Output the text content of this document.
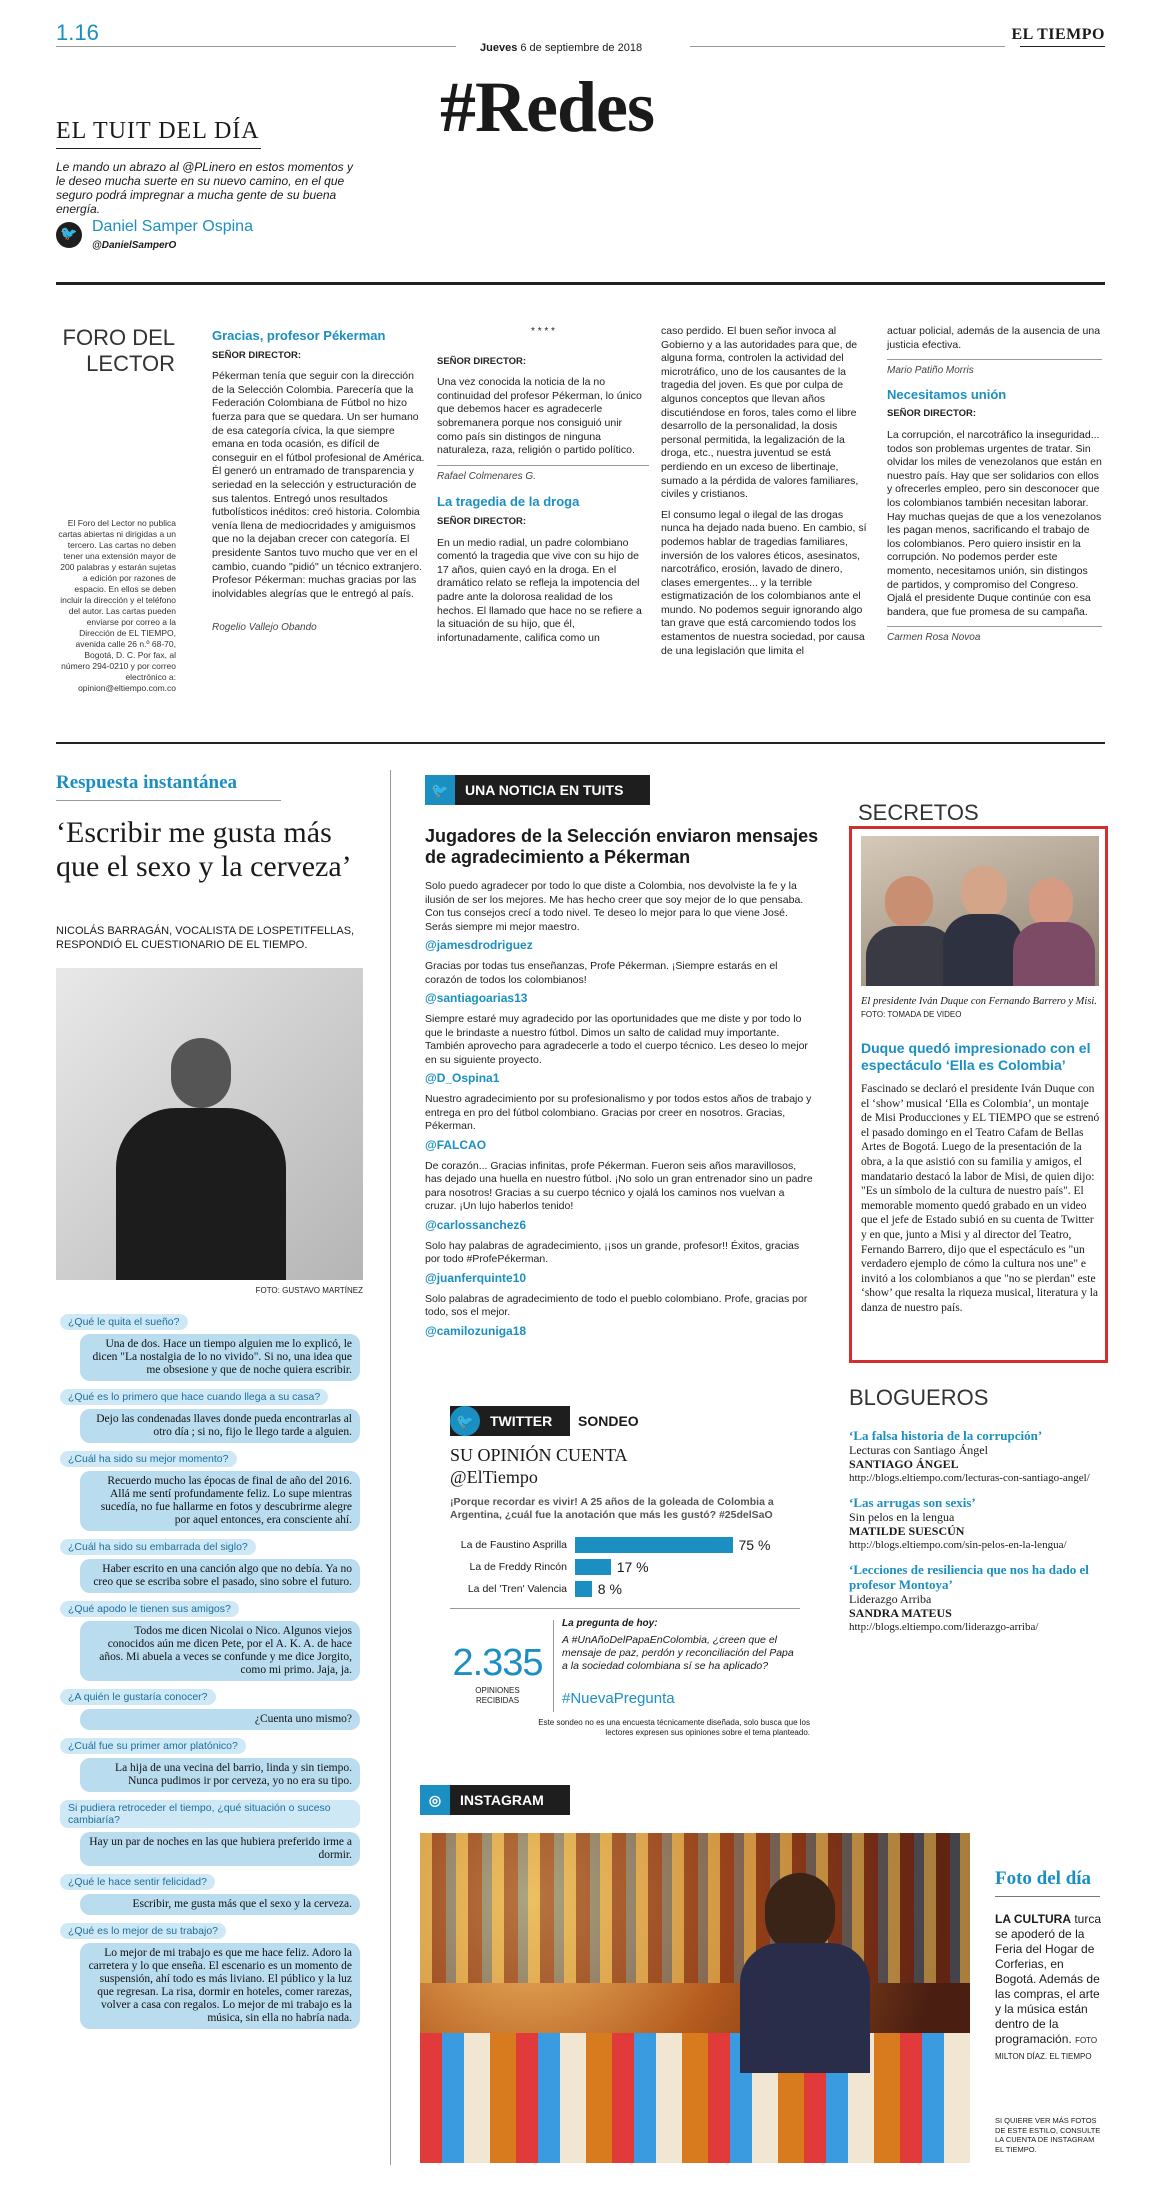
1.16
Jueves 6 de septiembre de 2018
EL TIEMPO
#Redes
EL TUIT DEL DÍA
Le mando un abrazo al @PLinero en estos momentos y le deseo mucha suerte en su nuevo camino, en el que seguro podrá impregnar a mucha gente de su buena energía.
🐦 Daniel Samper Ospina
@DanielSamperO
FORO DEL
LECTOR
El Foro del Lector no publica cartas abiertas ni dirigidas a un tercero. Las cartas no deben tener una extensión mayor de 200 palabras y estarán sujetas a edición por razones de espacio. En ellos se deben incluir la dirección y el teléfono del autor. Las cartas pueden enviarse por correo a la Dirección de EL TIEMPO, avenida calle 26 n.º 68-70, Bogotá, D. C. Por fax, al número 294-0210 y por correo electrónico a: opinion@eltiempo.com.co
Gracias, profesor Pékerman
SEÑOR DIRECTOR:

Pékerman tenía que seguir con la dirección de la Selección Colombia. Parecería que la Federación Colombiana de Fútbol no hizo fuerza para que se quedara. Un ser humano de esa categoría cívica, la que siempre emana en toda ocasión, es difícil de conseguir en el fútbol profesional de América. Él generó un entramado de transparencia y seriedad en la selección y estructuración de sus talentos. Entregó unos resultados futbolísticos inéditos: creó historia. Colombia venía llena de mediocridades y amiguismos que no la dejaban crecer con categoría. El presidente Santos tuvo mucho que ver en el cambio, cuando "pidió" un técnico extranjero. Profesor Pékerman: muchas gracias por las inolvidables alegrías que le entregó al país.

Rogelio Vallejo Obando
* * * *
SEÑOR DIRECTOR:

Una vez conocida la noticia de la no continuidad del profesor Pékerman, lo único que debemos hacer es agradecerle sobremanera porque nos consiguió unir como país sin distingos de ninguna naturaleza, raza, religión o partido político.

Rafael Colmenares G.
La tragedia de la droga
SEÑOR DIRECTOR:

En un medio radial, un padre colombiano comentó la tragedia que vive con su hijo de 17 años, quien cayó en la droga. En el dramático relato se refleja la impotencia del padre ante la dolorosa realidad de los hechos. El llamado que hace no se refiere a la situación de su hijo, que él, infortunadamente, califica como un

caso perdido. El buen señor invoca al Gobierno y a las autoridades para que, de alguna forma, controlen la actividad del microtráfico, uno de los causantes de la tragedia del joven. Es que por culpa de algunos conceptos que llevan años discutiéndose en foros, tales como el libre desarrollo de la personalidad, la dosis personal permitida, la legalización de la droga, etc., nuestra juventud se está perdiendo en un exceso de libertinaje, sumado a la pérdida de valores familiares, civiles y cristianos.

El consumo legal o ilegal de las drogas nunca ha dejado nada bueno. En cambio, sí podemos hablar de tragedias familiares, inversión de los valores éticos, asesinatos, narcotráfico, erosión, lavado de dinero, clases emergentes... y la terrible estigmatización de los colombianos ante el mundo. No podemos seguir ignorando algo tan grave que está carcomiendo todos los estamentos de nuestra sociedad, por causa de una legislación que limita el

actuar policial, además de la ausencia de una justicia efectiva.

Mario Patiño Morris
Necesitamos unión
SEÑOR DIRECTOR:

La corrupción, el narcotráfico la inseguridad... todos son problemas urgentes de tratar. Sin olvidar los miles de venezolanos que están en nuestro país. Hay que ser solidarios con ellos y ofrecerles empleo, pero sin desconocer que los colombianos también necesitan laborar. Hay muchas quejas de que a los venezolanos les pagan menos, sacrificando el trabajo de los colombianos. Pero quiero insistir en la corrupción. No podemos perder este momento, necesitamos unión, sin distingos de partidos, y compromiso del Congreso. Ojalá el presidente Duque continúe con esa bandera, que fue promesa de su campaña.

Carmen Rosa Novoa
Respuesta instantánea
‘Escribir me gusta más que el sexo y la cerveza’
NICOLÁS BARRAGÁN, VOCALISTA DE LOSPETITFELLAS, RESPONDIÓ EL CUESTIONARIO DE EL TIEMPO.
FOTO: GUSTAVO MARTÍNEZ
¿Qué le quita el sueño?
Una de dos. Hace un tiempo alguien me lo explicó, le dicen "La nostalgia de lo no vivido". Si no, una idea que me obsesione y que de noche quiera escribir.
¿Qué es lo primero que hace cuando llega a su casa?
Dejo las condenadas llaves donde pueda encontrarlas al otro día ; si no, fijo le llego tarde a alguien.
¿Cuál ha sido su mejor momento?
Recuerdo mucho las épocas de final de año del 2016. Allá me sentí profundamente feliz. Lo supe mientras sucedía, no fue hallarme en fotos y descubrirme alegre por aquel entonces, era consciente ahí.
¿Cuál ha sido su embarrada del siglo?
Haber escrito en una canción algo que no debía. Ya no creo que se escriba sobre el pasado, sino sobre el futuro.
¿Qué apodo le tienen sus amigos?
Todos me dicen Nicolai o Nico. Algunos viejos conocidos aún me dicen Pete, por el A. K. A. de hace años. Mi abuela a veces se confunde y me dice Jorgito, como mi primo. Jaja, ja.
¿A quién le gustaría conocer?
¿Cuenta uno mismo?
¿Cuál fue su primer amor platónico?
La hija de una vecina del barrio, linda y sin tiempo. Nunca pudimos ir por cerveza, yo no era su tipo.
Si pudiera retroceder el tiempo, ¿qué situación o suceso cambiaría?
Hay un par de noches en las que hubiera preferido irme a dormir.
¿Qué le hace sentir felicidad?
Escribir, me gusta más que el sexo y la cerveza.
¿Qué es lo mejor de su trabajo?
Lo mejor de mi trabajo es que me hace feliz. Adoro la carretera y lo que enseña. El escenario es un momento de suspensión, ahí todo es más liviano. El público y la luz que regresan. La risa, dormir en hoteles, comer rarezas, volver a casa con regalos. Lo mejor de mi trabajo es la música, sin ella no habría nada.
🐦	UNA NOTICIA EN TUITS
Jugadores de la Selección enviaron mensajes de agradecimiento a Pékerman

Solo puedo agradecer por todo lo que diste a Colombia, nos devolviste la fe y la ilusión de ser los mejores. Me has hecho creer que soy mejor de lo que pensaba. Con tus consejos crecí a todo nivel. Te deseo lo mejor para lo que viene José. Serás siempre mi mejor maestro.

@jamesdrodriguez

Gracias por todas tus enseñanzas, Profe Pékerman. ¡Siempre estarás en el corazón de todos los colombianos!

@santiagoarias13

Siempre estaré muy agradecido por las oportunidades que me diste y por todo lo que le brindaste a nuestro fútbol. Dimos un salto de calidad muy importante. También aprovecho para agradecerle a todo el cuerpo técnico. Les deseo lo mejor en su siguiente proyecto.

@D_Ospina1

Nuestro agradecimiento por su profesionalismo y por todos estos años de trabajo y entrega en pro del fútbol colombiano. Gracias por creer en nosotros. Gracias, Pékerman.

@FALCAO

De corazón... Gracias infinitas, profe Pékerman. Fueron seis años maravillosos, has dejado una huella en nuestro fútbol. ¡No solo un gran entrenador sino un padre para nosotros! Gracias a su cuerpo técnico y ojalá los caminos nos vuelvan a cruzar. ¡Un lujo haberlos tenido!

@carlossanchez6

Solo hay palabras de agradecimiento, ¡¡sos un grande, profesor!! Éxitos, gracias por todo #ProfePékerman.

@juanferquinte10

Solo palabras de agradecimiento de todo el pueblo colombiano. Profe, gracias por todo, sos el mejor.

@camilozuniga18
🐦	TWITTER SONDEO
SU OPINIÓN CUENTA
@ElTiempo
¡Porque recordar es vivir! A 25 años de la goleada de Colombia a Argentina, ¿cuál fue la anotación que más les gustó? #25delSaO
La de Faustino Asprilla	75 %
La de Freddy Rincón	17 %
La del 'Tren' Valencia	8 %
2.335
OPINIONES RECIBIDAS
La pregunta de hoy:
A #UnAñoDelPapaEnColombia, ¿creen que el mensaje de paz, perdón y reconciliación del Papa a la sociedad colombiana sí se ha aplicado?
#NuevaPregunta
Este sondeo no es una encuesta técnicamente diseñada, solo busca que los lectores expresen sus opiniones sobre el tema planteado.
SECRETOS
El presidente Iván Duque con Fernando Barrero y Misi. FOTO: TOMADA DE VIDEO
Duque quedó impresionado con el espectáculo ‘Ella es Colombia’
Fascinado se declaró el presidente Iván Duque con el ‘show’ musical ‘Ella es Colombia’, un montaje de Misi Producciones y EL TIEMPO que se estrenó el pasado domingo en el Teatro Cafam de Bellas Artes de Bogotá. Luego de la presentación de la obra, a la que asistió con su familia y amigos, el mandatario destacó la labor de Misi, de quien dijo: "Es un símbolo de la cultura de nuestro país". El memorable momento quedó grabado en un video que el jefe de Estado subió en su cuenta de Twitter y en que, junto a Misi y al director del Teatro, Fernando Barrero, dijo que el espectáculo es "un verdadero ejemplo de cómo la cultura nos une" e invitó a los colombianos a que "no se pierdan" este ‘show’ que resalta la riqueza musical, literatura y la danza de nuestro país.
BLOGUEROS
‘La falsa historia de la corrupción’
Lecturas con Santiago Ángel
SANTIAGO ÁNGEL
http://blogs.eltiempo.com/lecturas-con-santiago-angel/
‘Las arrugas son sexis’
Sin pelos en la lengua
MATILDE SUESCÚN
http://blogs.eltiempo.com/sin-pelos-en-la-lengua/
‘Lecciones de resiliencia que nos ha dado el profesor Montoya’
Liderazgo Arriba
SANDRA MATEUS
http://blogs.eltiempo.com/liderazgo-arriba/
◎	INSTAGRAM
Foto del día
LA CULTURA turca se apoderó de la Feria del Hogar de Corferias, en Bogotá. Además de las compras, el arte y la música están dentro de la programación. FOTO MILTON DÍAZ. EL TIEMPO
SI QUIERE VER MÁS FOTOS DE ESTE ESTILO, CONSULTE LA CUENTA DE INSTAGRAM EL TIEMPO.
